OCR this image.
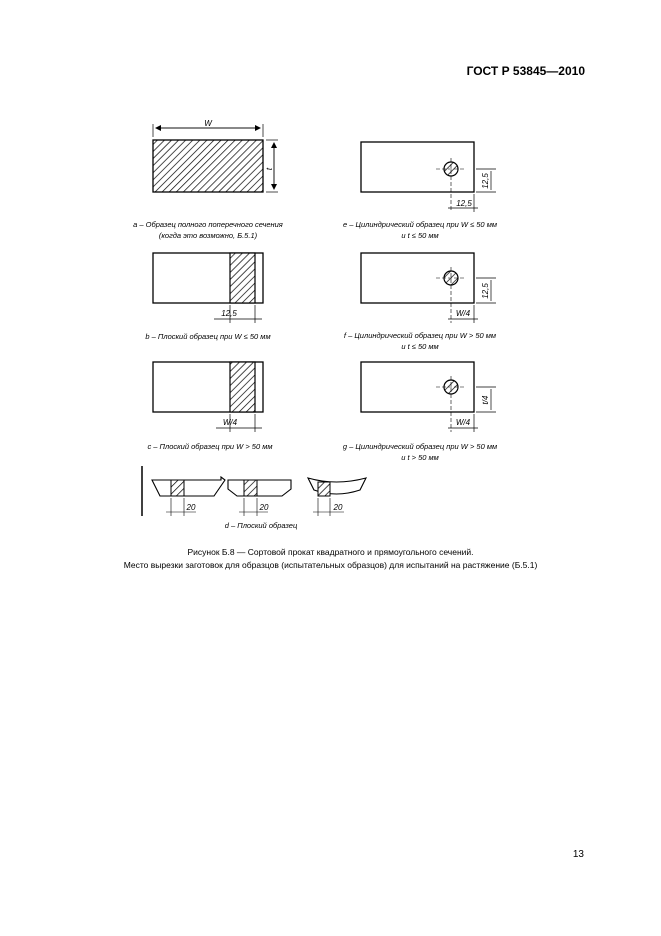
ГОСТ Р 53845—2010
W
t
a – Образец полного поперечного сечения
(когда это возможно, Б.5.1)
12,5
12,5
e – Цилиндрический образец при W ≤ 50 мм
и t ≤ 50 мм
12,5
b – Плоский образец при W ≤ 50 мм
12,5
W/4
f – Цилиндрический образец при W > 50 мм
и t ≤ 50 мм
W/4
c – Плоский образец при W > 50 мм
t/4
W/4
g – Цилиндрический образец при W > 50 мм
и t > 50 мм
20	20	20
d – Плоский образец
Рисунок Б.8 — Сортовой прокат квадратного и прямоугольного сечений.
Место вырезки заготовок для образцов (испытательных образцов) для испытаний на растяжение (Б.5.1)
13
